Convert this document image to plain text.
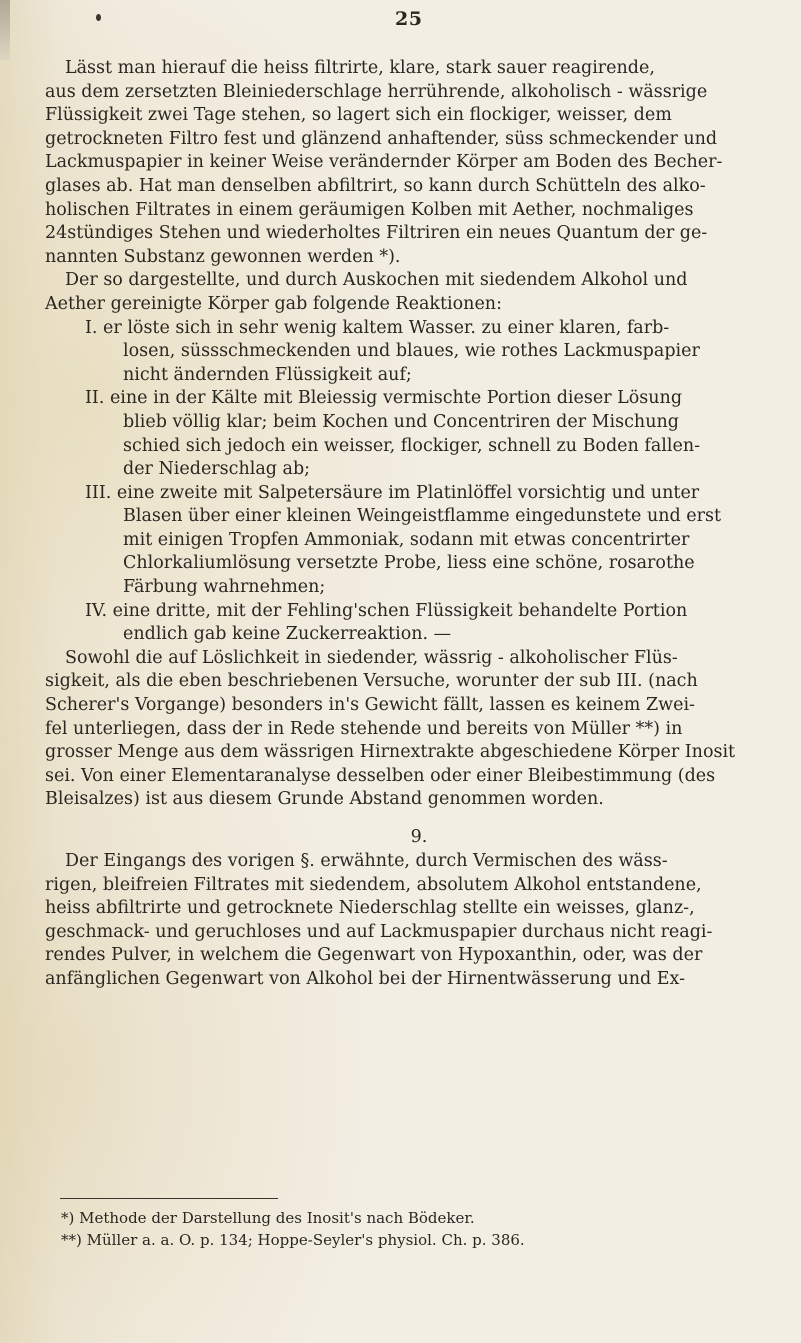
25
Lässt man hierauf die heiss filtrirte, klare, stark sauer reagirende,
aus dem zersetzten Bleiniederschlage herrührende, alkoholisch - wässrige
Flüssigkeit zwei Tage stehen, so lagert sich ein flockiger, weisser, dem
getrockneten Filtro fest und glänzend anhaftender, süss schmeckender und
Lackmuspapier in keiner Weise verändernder Körper am Boden des Becher-
glases ab. Hat man denselben abfiltrirt, so kann durch Schütteln des alko-
holischen Filtrates in einem geräumigen Kolben mit Aether, nochmaliges
24stündiges Stehen und wiederholtes Filtriren ein neues Quantum der ge-
nannten Substanz gewonnen werden *).
Der so dargestellte, und durch Auskochen mit siedendem Alkohol und
Aether gereinigte Körper gab folgende Reaktionen:
I. er löste sich in sehr wenig kaltem Wasser. zu einer klaren, farb-
losen, süssschmeckenden und blaues, wie rothes Lackmuspapier
nicht ändernden Flüssigkeit auf;
II. eine in der Kälte mit Bleiessig vermischte Portion dieser Lösung
blieb völlig klar; beim Kochen und Concentriren der Mischung
schied sich jedoch ein weisser, flockiger, schnell zu Boden fallen-
der Niederschlag ab;
III. eine zweite mit Salpetersäure im Platinlöffel vorsichtig und unter
Blasen über einer kleinen Weingeistflamme eingedunstete und erst
mit einigen Tropfen Ammoniak, sodann mit etwas concentrirter
Chlorkaliumlösung versetzte Probe, liess eine schöne, rosarothe
Färbung wahrnehmen;
IV. eine dritte, mit der Fehling'schen Flüssigkeit behandelte Portion
endlich gab keine Zuckerreaktion. —
Sowohl die auf Löslichkeit in siedender, wässrig - alkoholischer Flüs-
sigkeit, als die eben beschriebenen Versuche, worunter der sub III. (nach
Scherer's Vorgange) besonders in's Gewicht fällt, lassen es keinem Zwei-
fel unterliegen, dass der in Rede stehende und bereits von Müller **) in
grosser Menge aus dem wässrigen Hirnextrakte abgeschiedene Körper Inosit
sei. Von einer Elementaranalyse desselben oder einer Bleibestimmung (des
Bleisalzes) ist aus diesem Grunde Abstand genommen worden.
9.
Der Eingangs des vorigen §. erwähnte, durch Vermischen des wäss-
rigen, bleifreien Filtrates mit siedendem, absolutem Alkohol entstandene,
heiss abfiltrirte und getrocknete Niederschlag stellte ein weisses, glanz-,
geschmack- und geruchloses und auf Lackmuspapier durchaus nicht reagi-
rendes Pulver, in welchem die Gegenwart von Hypoxanthin, oder, was der
anfänglichen Gegenwart von Alkohol bei der Hirnentwässerung und Ex-
*) Methode der Darstellung des Inosit's nach Bödeker.
**) Müller a. a. O. p. 134; Hoppe-Seyler's physiol. Ch. p. 386.
